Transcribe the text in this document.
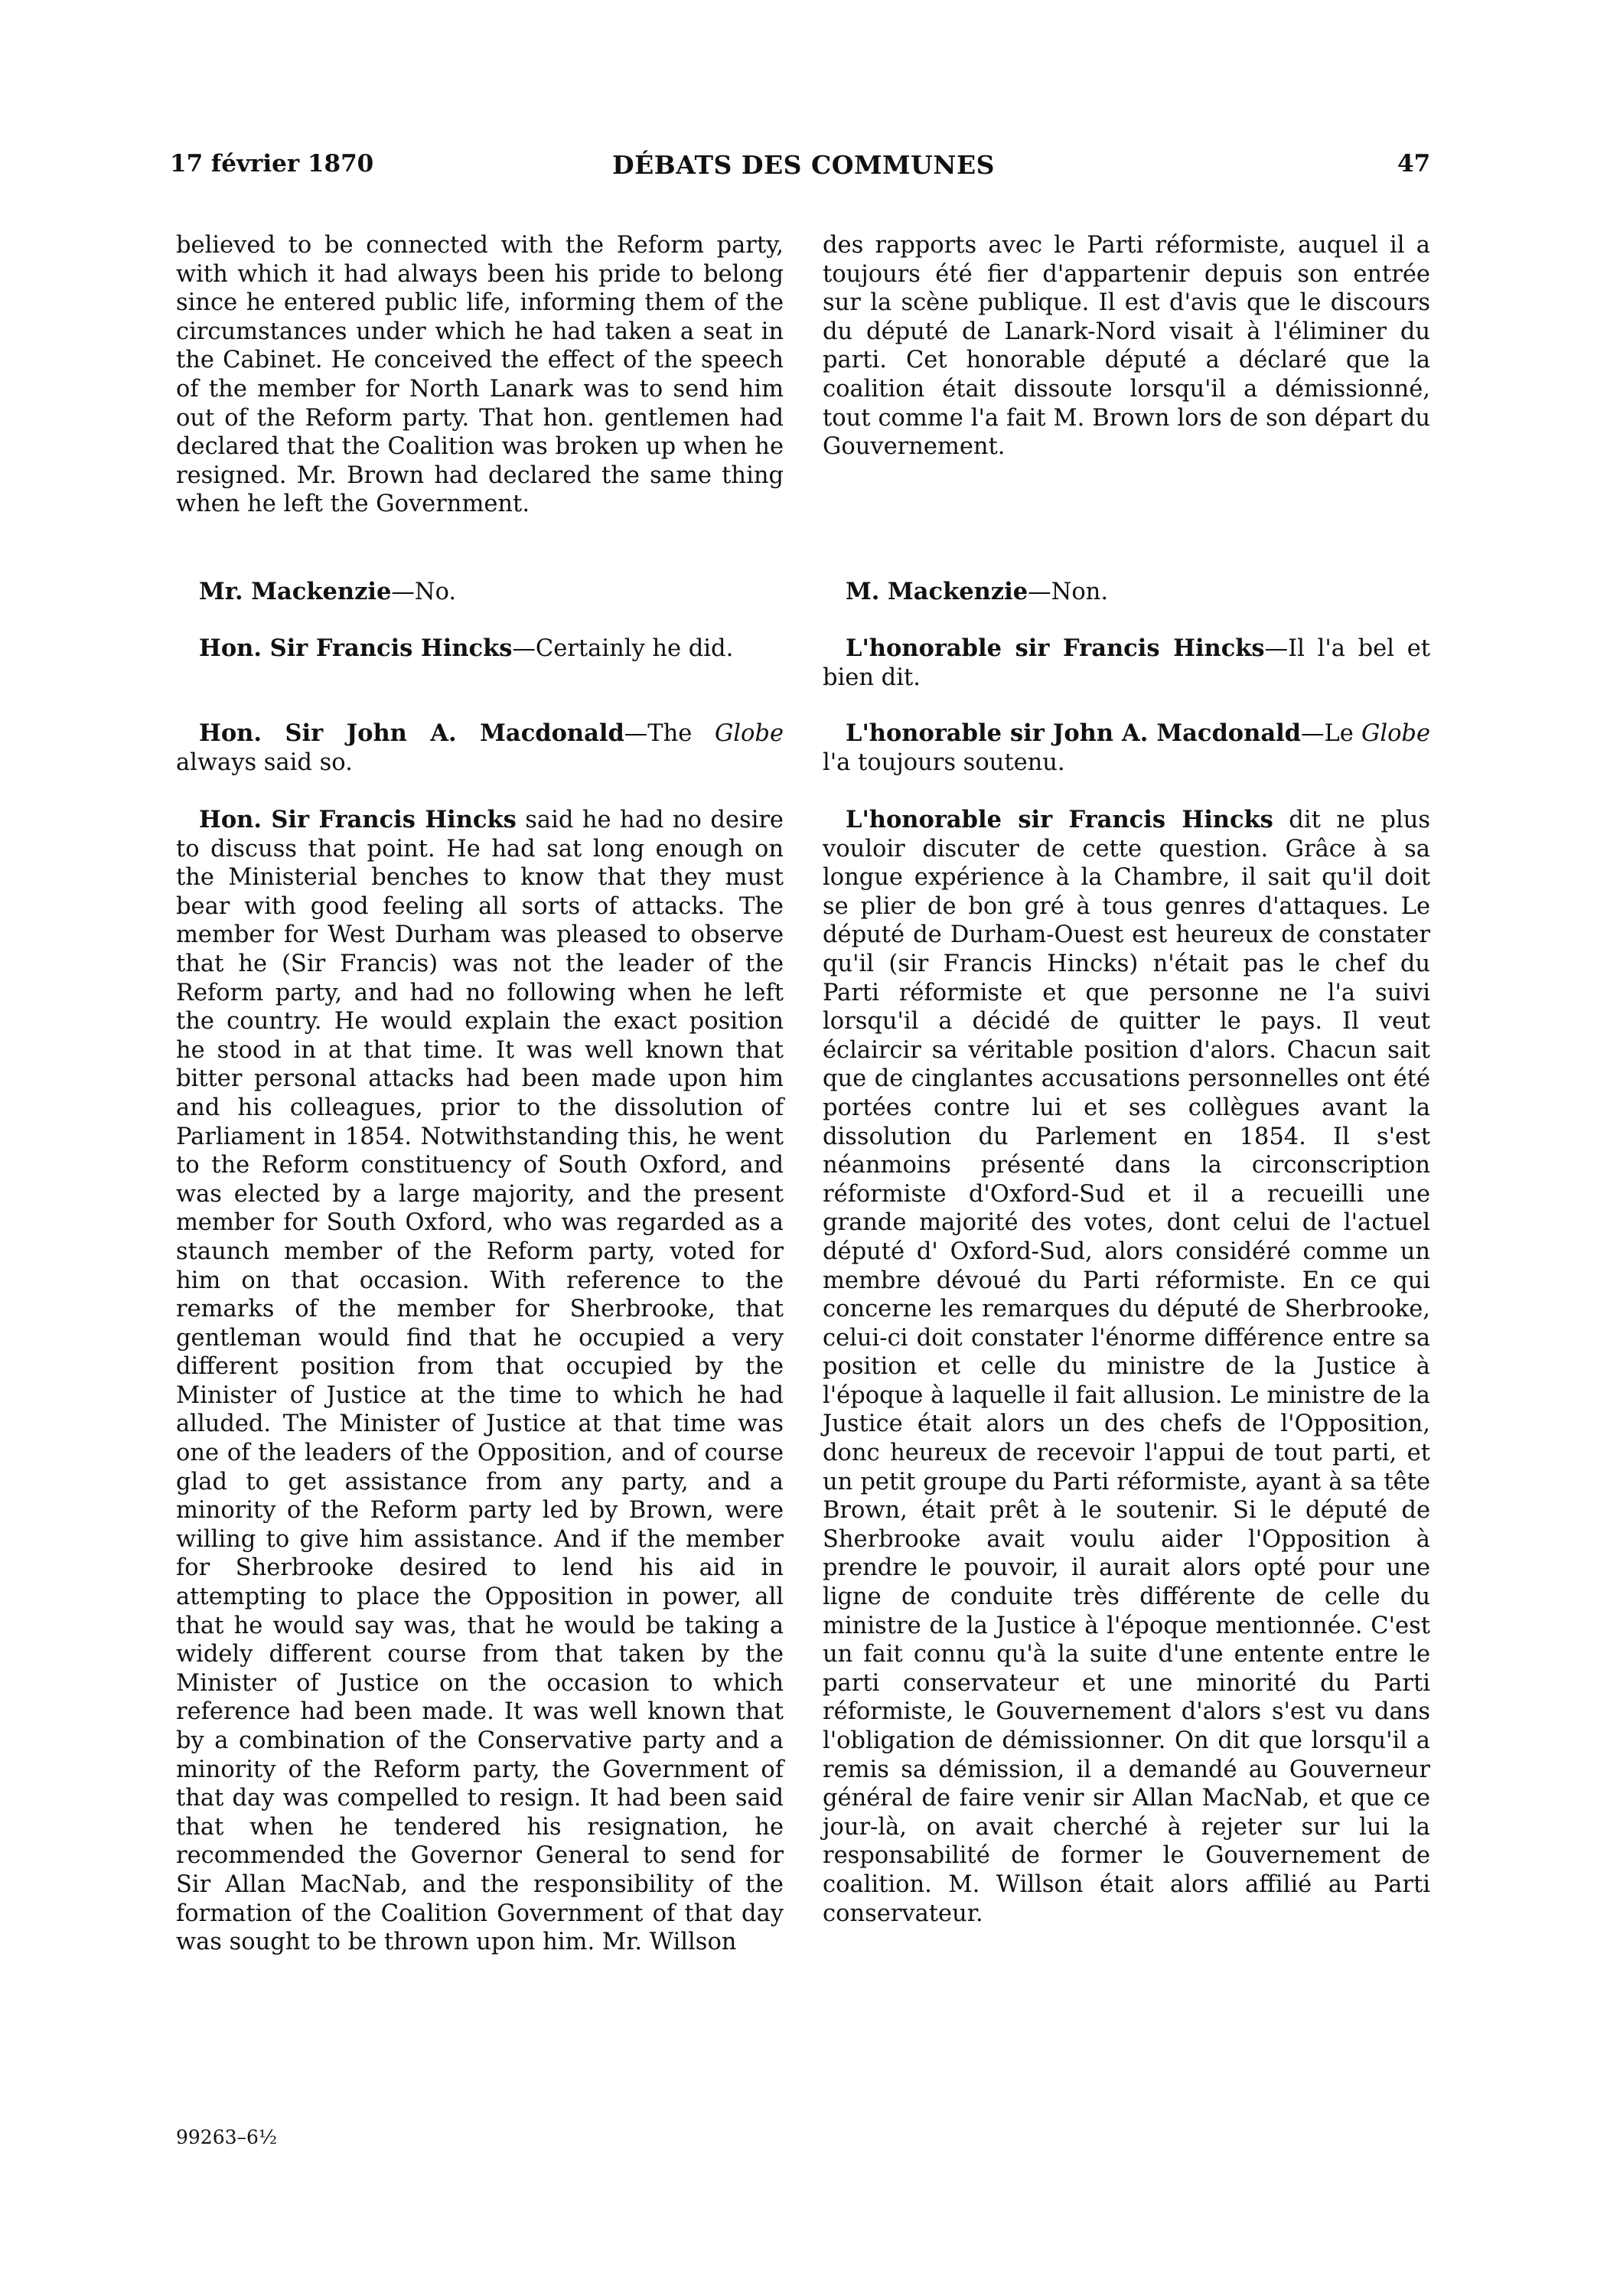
17 février 1870	DÉBATS DES COMMUNES	47

believed to be connected with the Reform party, with which it had always been his pride to belong since he entered public life, informing them of the circumstances under which he had taken a seat in the Cabinet. He conceived the effect of the speech of the member for North Lanark was to send him out of the Reform party. That hon. gentlemen had declared that the Coalition was broken up when he resigned. Mr. Brown had declared the same thing when he left the Government.

Mr. Mackenzie—No.

Hon. Sir Francis Hincks—Certainly he did.

Hon. Sir John A. Macdonald—The Globe always said so.

Hon. Sir Francis Hincks said he had no desire to discuss that point. He had sat long enough on the Ministerial benches to know that they must bear with good feeling all sorts of attacks. The member for West Durham was pleased to observe that he (Sir Francis) was not the leader of the Reform party, and had no following when he left the country. He would explain the exact position he stood in at that time. It was well known that bitter personal attacks had been made upon him and his colleagues, prior to the dissolution of Parliament in 1854. Notwithstanding this, he went to the Reform constituency of South Oxford, and was elected by a large majority, and the present member for South Oxford, who was regarded as a staunch member of the Reform party, voted for him on that occasion. With reference to the remarks of the member for Sherbrooke, that gentleman would find that he occupied a very different position from that occupied by the Minister of Justice at the time to which he had alluded. The Minister of Justice at that time was one of the leaders of the Opposition, and of course glad to get assistance from any party, and a minority of the Reform party led by Brown, were willing to give him assistance. And if the member for Sherbrooke desired to lend his aid in attempting to place the Opposition in power, all that he would say was, that he would be taking a widely different course from that taken by the Minister of Justice on the occasion to which reference had been made. It was well known that by a combination of the Conservative party and a minority of the Reform party, the Government of that day was compelled to resign. It had been said that when he tendered his resignation, he recommended the Governor General to send for Sir Allan MacNab, and the responsibility of the formation of the Coalition Government of that day was sought to be thrown upon him. Mr. Willson

des rapports avec le Parti réformiste, auquel il a toujours été fier d'appartenir depuis son entrée sur la scène publique. Il est d'avis que le discours du député de Lanark-Nord visait à l'éliminer du parti. Cet honorable député a déclaré que la coalition était dissoute lorsqu'il a démissionné, tout comme l'a fait M. Brown lors de son départ du Gouvernement.

M. Mackenzie—Non.

L'honorable sir Francis Hincks—Il l'a bel et bien dit.

L'honorable sir John A. Macdonald—Le Globe l'a toujours soutenu.

L'honorable sir Francis Hincks dit ne plus vouloir discuter de cette question. Grâce à sa longue expérience à la Chambre, il sait qu'il doit se plier de bon gré à tous genres d'attaques. Le député de Durham-Ouest est heureux de constater qu'il (sir Francis Hincks) n'était pas le chef du Parti réformiste et que personne ne l'a suivi lorsqu'il a décidé de quitter le pays. Il veut éclaircir sa véritable position d'alors. Chacun sait que de cinglantes accusations personnelles ont été portées contre lui et ses collègues avant la dissolution du Parlement en 1854. Il s'est néanmoins présenté dans la circonscription réformiste d'Oxford-Sud et il a recueilli une grande majorité des votes, dont celui de l'actuel député d' Oxford-Sud, alors considéré comme un membre dévoué du Parti réformiste. En ce qui concerne les remarques du député de Sherbrooke, celui-ci doit constater l'énorme différence entre sa position et celle du ministre de la Justice à l'époque à laquelle il fait allusion. Le ministre de la Justice était alors un des chefs de l'Opposition, donc heureux de recevoir l'appui de tout parti, et un petit groupe du Parti réformiste, ayant à sa tête Brown, était prêt à le soutenir. Si le député de Sherbrooke avait voulu aider l'Opposition à prendre le pouvoir, il aurait alors opté pour une ligne de conduite très différente de celle du ministre de la Justice à l'époque mentionnée. C'est un fait connu qu'à la suite d'une entente entre le parti conservateur et une minorité du Parti réformiste, le Gouvernement d'alors s'est vu dans l'obligation de démissionner. On dit que lorsqu'il a remis sa démission, il a demandé au Gouverneur général de faire venir sir Allan MacNab, et que ce jour-là, on avait cherché à rejeter sur lui la responsabilité de former le Gouvernement de coalition. M. Willson était alors affilié au Parti conservateur.

99263–6½
